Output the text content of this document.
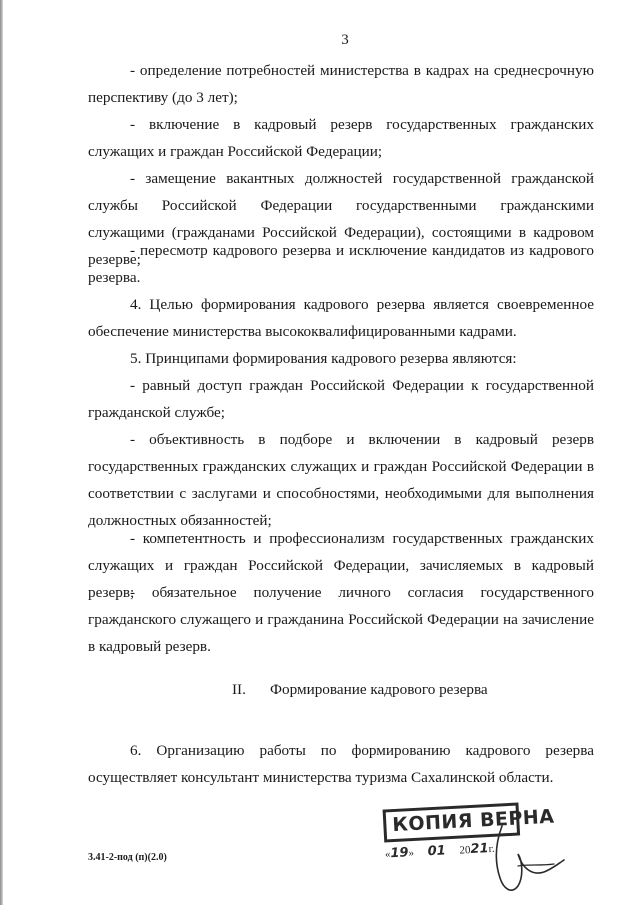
3

- определение потребностей министерства в кадрах на среднесрочную перспективу (до 3 лет);

- включение в кадровый резерв государственных гражданских служащих и граждан Российской Федерации;

- замещение вакантных должностей государственной гражданской службы Российской Федерации государственными гражданскими служащими (гражданами Российской Федерации), состоящими в кадровом резерве;

- пересмотр кадрового резерва и исключение кандидатов из кадрового резерва.

4. Целью формирования кадрового резерва является своевременное обеспечение министерства высококвалифицированными кадрами.

5. Принципами формирования кадрового резерва являются:

- равный доступ граждан Российской Федерации к государственной гражданской службе;

- объективность в подборе и включении в кадровый резерв государственных гражданских служащих и граждан Российской Федерации в соответствии с заслугами и способностями, необходимыми для выполнения должностных обязанностей;

- компетентность и профессионализм государственных гражданских служащих и граждан Российской Федерации, зачисляемых в кадровый резерв;

- обязательное получение личного согласия государственного гражданского служащего и гражданина Российской Федерации на зачисление в кадровый резерв.

II. Формирование кадрового резерва

6. Организацию работы по формированию кадрового резерва осуществляет консультант министерства туризма Сахалинской области.

3.41-2-под (п)(2.0)
КОПИЯ ВЕРНА
«19» 01 2021г.
